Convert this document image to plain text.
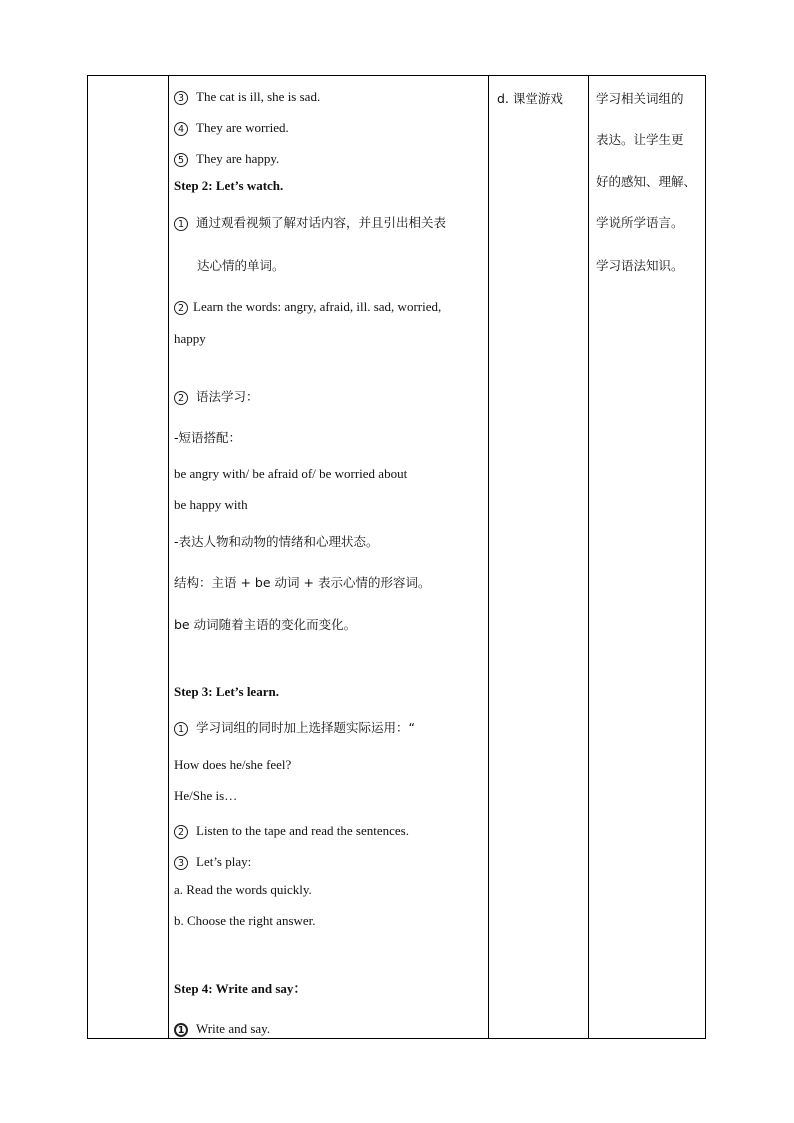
3 The cat is ill, she is sad.
4 They are worried.
5 They are happy.
Step 2: Let’s watch.
1 通过观看视频了解对话内容，并且引出相关表
达心情的单词。
2 Learn the words: angry, afraid, ill. sad, worried,
happy
2 语法学习：
-短语搭配：
be angry with/ be afraid of/ be worried about
be happy with
-表达人物和动物的情绪和心理状态。
结构：主语 + be 动词 + 表示心情的形容词。
be 动词随着主语的变化而变化。
Step 3: Let’s learn.
1 学习词组的同时加上选择题实际运用：“
How does he/she feel?
He/She is…
2 Listen to the tape and read the sentences.
3 Let’s play:
a. Read the words quickly.
b. Choose the right answer.
Step 4: Write and say：
1 Write and say.
d. 课堂游戏	学习相关词组的
表达。让学生更
好的感知、理解、
学说所学语言。
学习语法知识。
